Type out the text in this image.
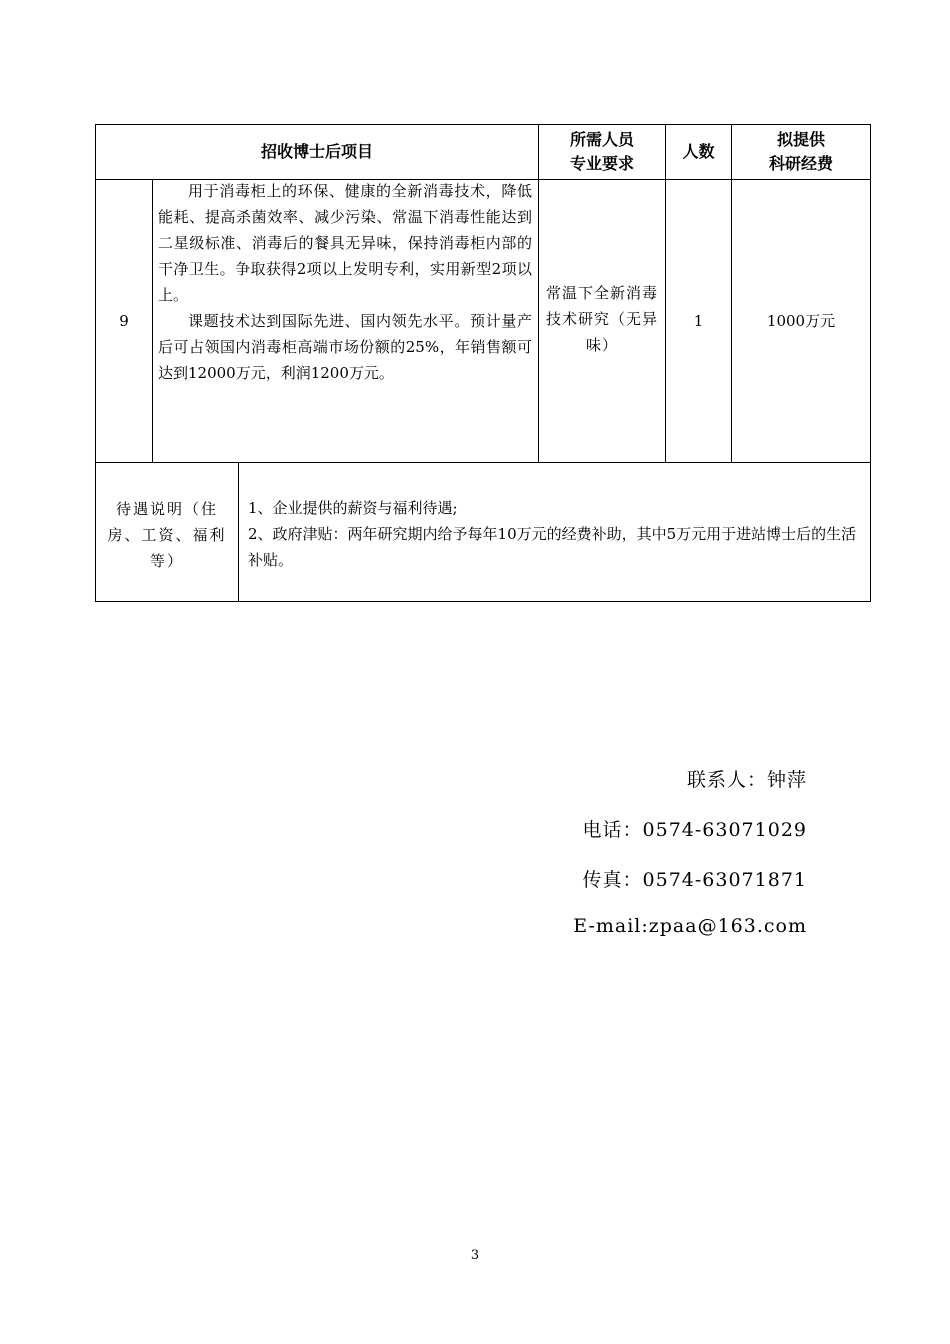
招收博士后项目
所需人员
专业要求
人数
拟提供
科研经费
9

用于消毒柜上的环保、健康的全新消毒技术，降低能耗、提高杀菌效率、减少污染、常温下消毒性能达到二星级标准、消毒后的餐具无异味，保持消毒柜内部的干净卫生。争取获得2项以上发明专利，实用新型2项以上。

课题技术达到国际先进、国内领先水平。预计量产后可占领国内消毒柜高端市场份额的25%，年销售额可达到12000万元，利润1200万元。

常温下全新消毒技术研究（无异味）
1	1000万元
待遇说明（住房、工资、福利等）
1、企业提供的薪资与福利待遇;
2、政府津贴：两年研究期内给予每年10万元的经费补助，其中5万元用于进站博士后的生活补贴。
联系人：钟萍
电话：0574-63071029
传真：0574-63071871
E-mail:zpaa@163.com
3
